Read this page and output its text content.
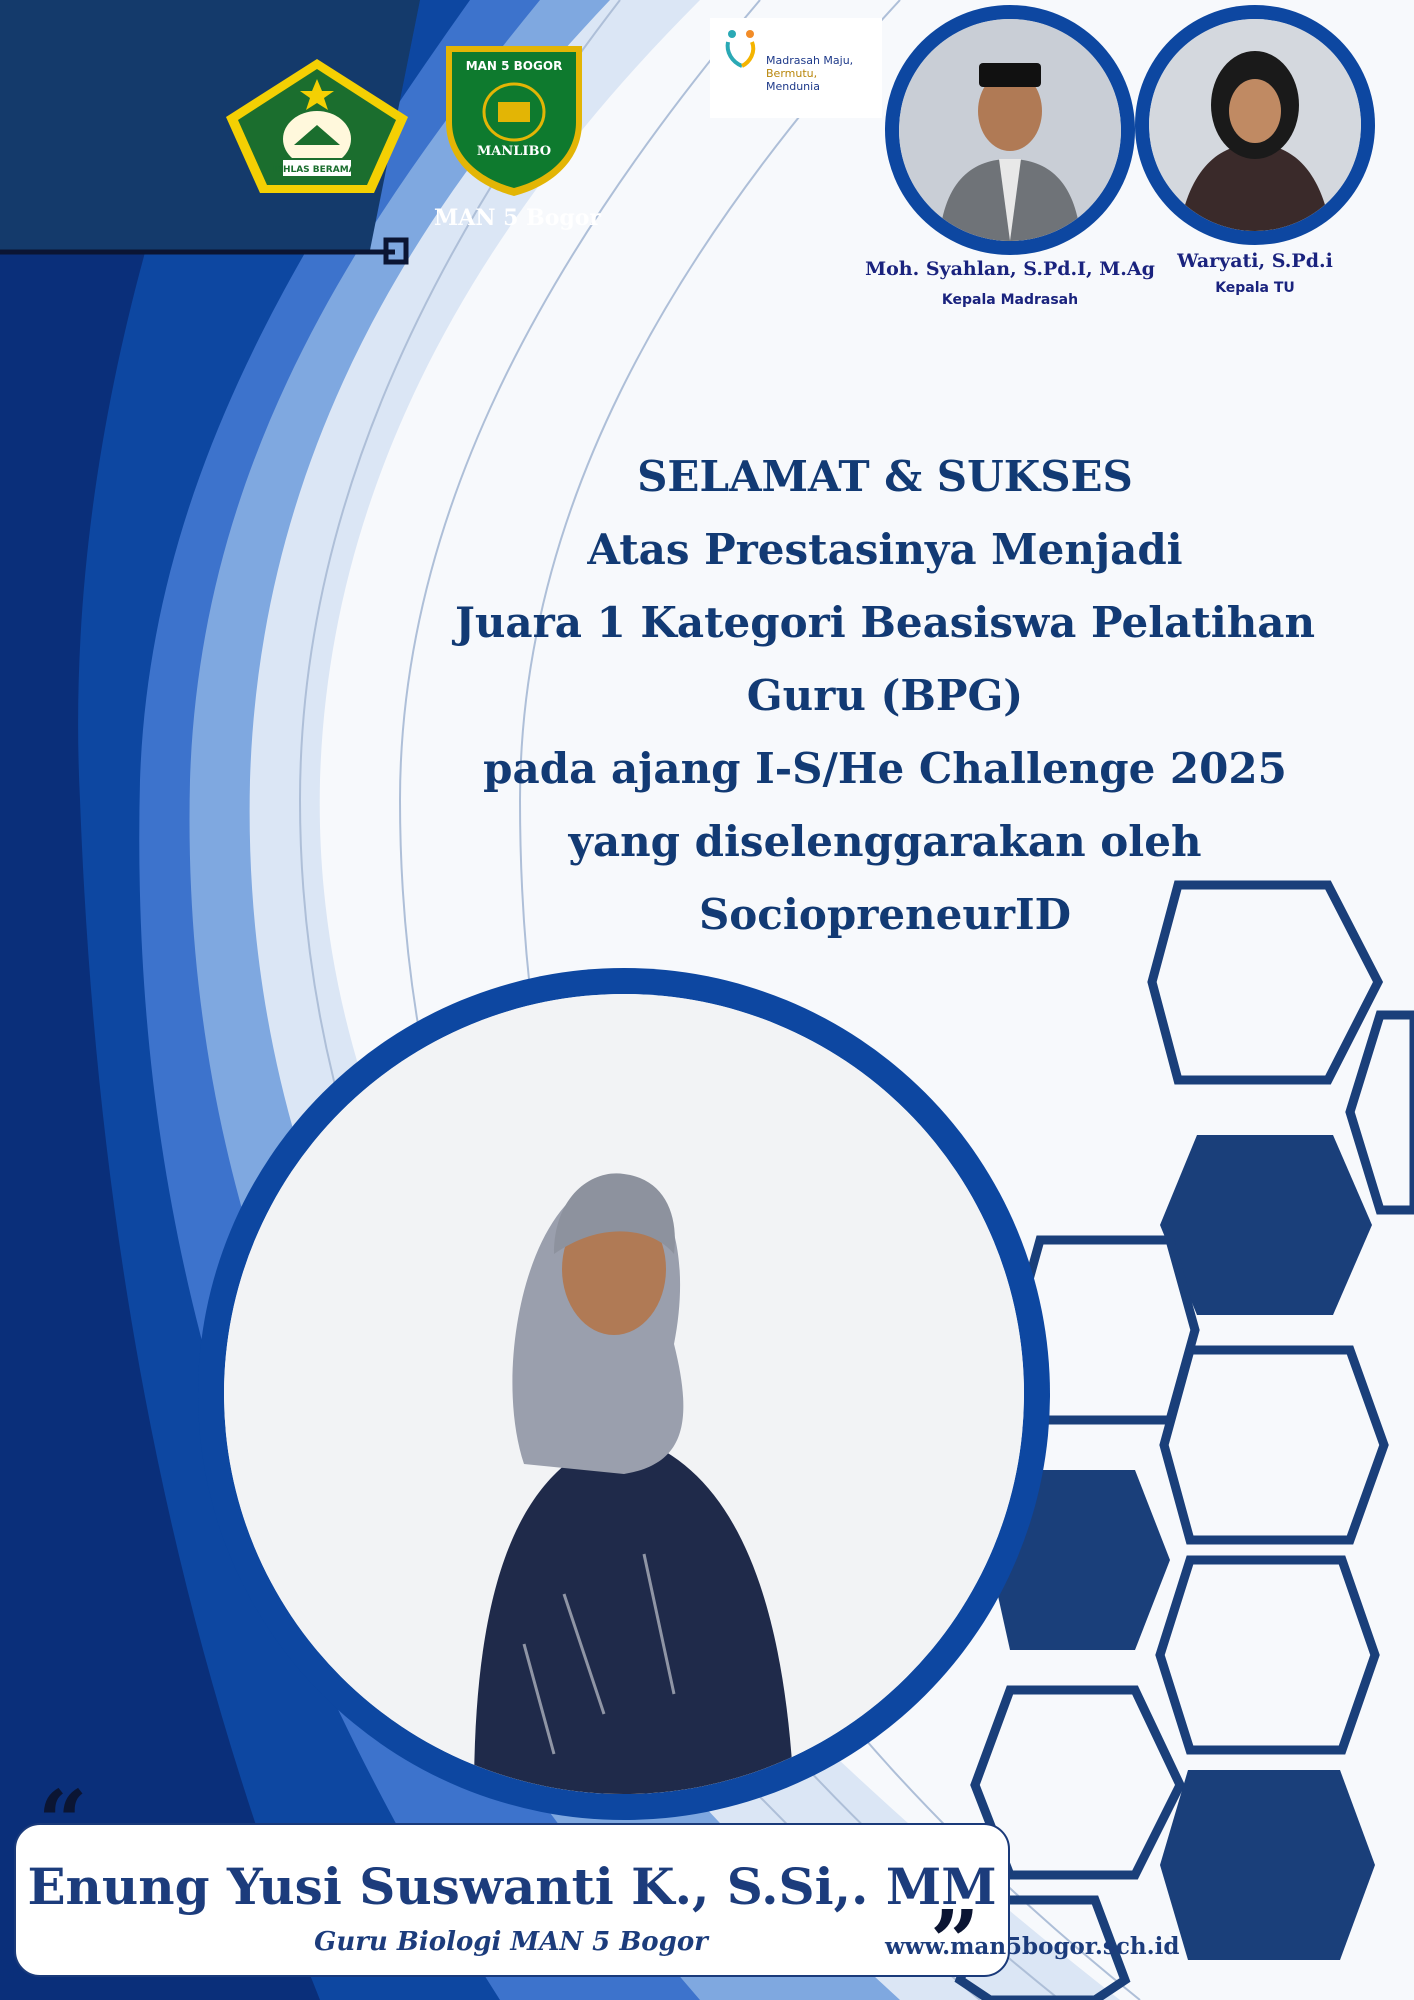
IKHLAS BERAMAL
MAN 5 BOGOR
MANLIBO
MAN 5 Bogor
Madrasah Maju,
Bermutu,
Mendunia
Moh. Syahlan, S.Pd.I, M.Ag
Kepala Madrasah
Waryati, S.Pd.i
Kepala TU
SELAMAT & SUKSES
Atas Prestasinya Menjadi
Juara 1 Kategori Beasiswa Pelatihan
Guru (BPG)
pada ajang I-S/He Challenge 2025
yang diselenggarakan oleh
SociopreneurID
Enung Yusi Suswanti K., S.Si,. MM
Guru Biologi MAN 5 Bogor	www.man5bogor.sch.id
”
